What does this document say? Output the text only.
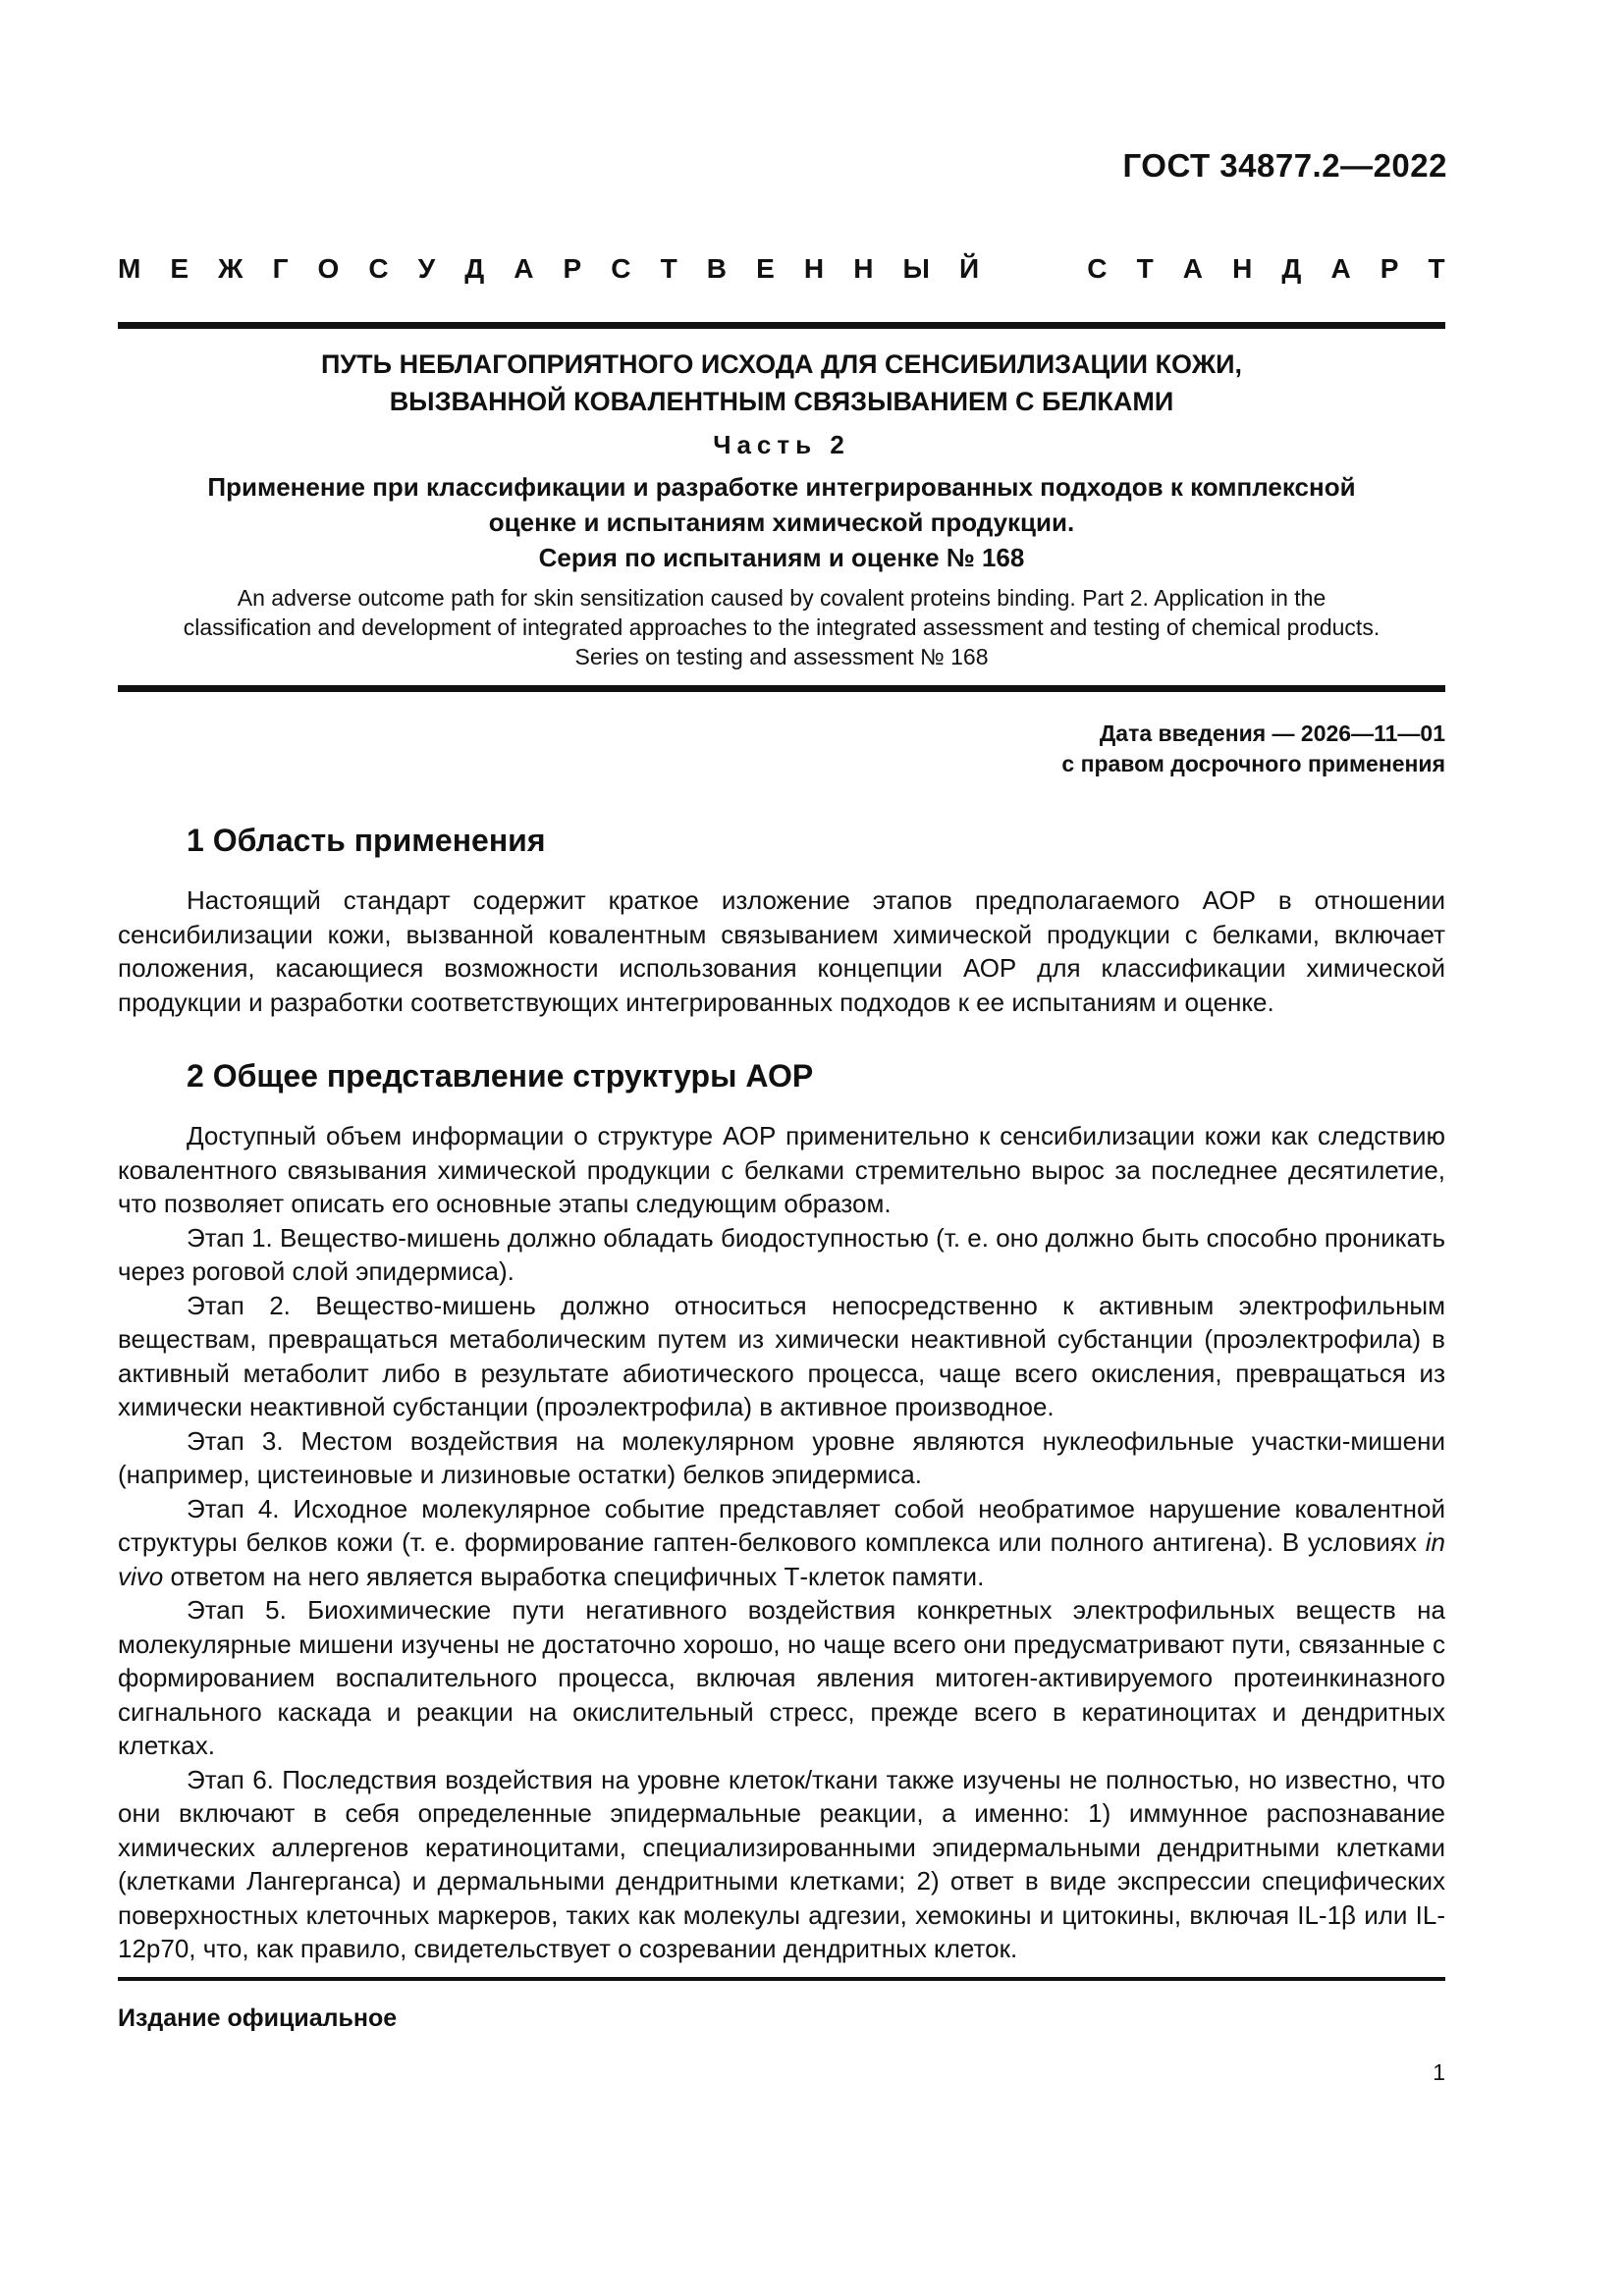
ГОСТ 34877.2—2022
М Е Ж Г О С У Д А Р С Т В Е Н Н Ы Й	С Т А Н Д А Р Т
ПУТЬ НЕБЛАГОПРИЯТНОГО ИСХОДА ДЛЯ СЕНСИБИЛИЗАЦИИ КОЖИ,
ВЫЗВАННОЙ КОВАЛЕНТНЫМ СВЯЗЫВАНИЕМ С БЕЛКАМИ
Часть 2
Применение при классификации и разработке интегрированных подходов к комплексной
оценке и испытаниям химической продукции.
Серия по испытаниям и оценке № 168
An adverse outcome path for skin sensitization caused by covalent proteins binding. Part 2. Application in the
classification and development of integrated approaches to the integrated assessment and testing of chemical products.
Series on testing and assessment № 168
Дата введения — 2026—11—01
с правом досрочного применения
1 Область применения

Настоящий стандарт содержит краткое изложение этапов предполагаемого АОР в отношении сенсибилизации кожи, вызванной ковалентным связыванием химической продукции с белками, включает положения, касающиеся возможности использования концепции АОР для классификации химической продукции и разработки соответствующих интегрированных подходов к ее испытаниям и оценке.

2 Общее представление структуры АОР

Доступный объем информации о структуре АОР применительно к сенсибилизации кожи как следствию ковалентного связывания химической продукции с белками стремительно вырос за последнее десятилетие, что позволяет описать его основные этапы следующим образом.

Этап 1. Вещество-мишень должно обладать биодоступностью (т. е. оно должно быть способно проникать через роговой слой эпидермиса).

Этап 2. Вещество-мишень должно относиться непосредственно к активным электрофильным веществам, превращаться метаболическим путем из химически неактивной субстанции (проэлектрофила) в активный метаболит либо в результате абиотического процесса, чаще всего окисления, превращаться из химически неактивной субстанции (проэлектрофила) в активное производное.

Этап 3. Местом воздействия на молекулярном уровне являются нуклеофильные участки-мишени (например, цистеиновые и лизиновые остатки) белков эпидермиса.

Этап 4. Исходное молекулярное событие представляет собой необратимое нарушение ковалентной структуры белков кожи (т. е. формирование гаптен-белкового комплекса или полного антигена). В условиях in vivo ответом на него является выработка специфичных Т-клеток памяти.

Этап 5. Биохимические пути негативного воздействия конкретных электрофильных веществ на молекулярные мишени изучены не достаточно хорошо, но чаще всего они предусматривают пути, связанные с формированием воспалительного процесса, включая явления митоген-активируемого протеинкиназного сигнального каскада и реакции на окислительный стресс, прежде всего в кератиноцитах и дендритных клетках.

Этап 6. Последствия воздействия на уровне клеток/ткани также изучены не полностью, но известно, что они включают в себя определенные эпидермальные реакции, а именно: 1) иммунное распознавание химических аллергенов кератиноцитами, специализированными эпидермальными дендритными клетками (клетками Лангерганса) и дермальными дендритными клетками; 2) ответ в виде экспрессии специфических поверхностных клеточных маркеров, таких как молекулы адгезии, хемокины и цитокины, включая IL-1β или IL-12p70, что, как правило, свидетельствует о созревании дендритных клеток.

Издание официальное
1
